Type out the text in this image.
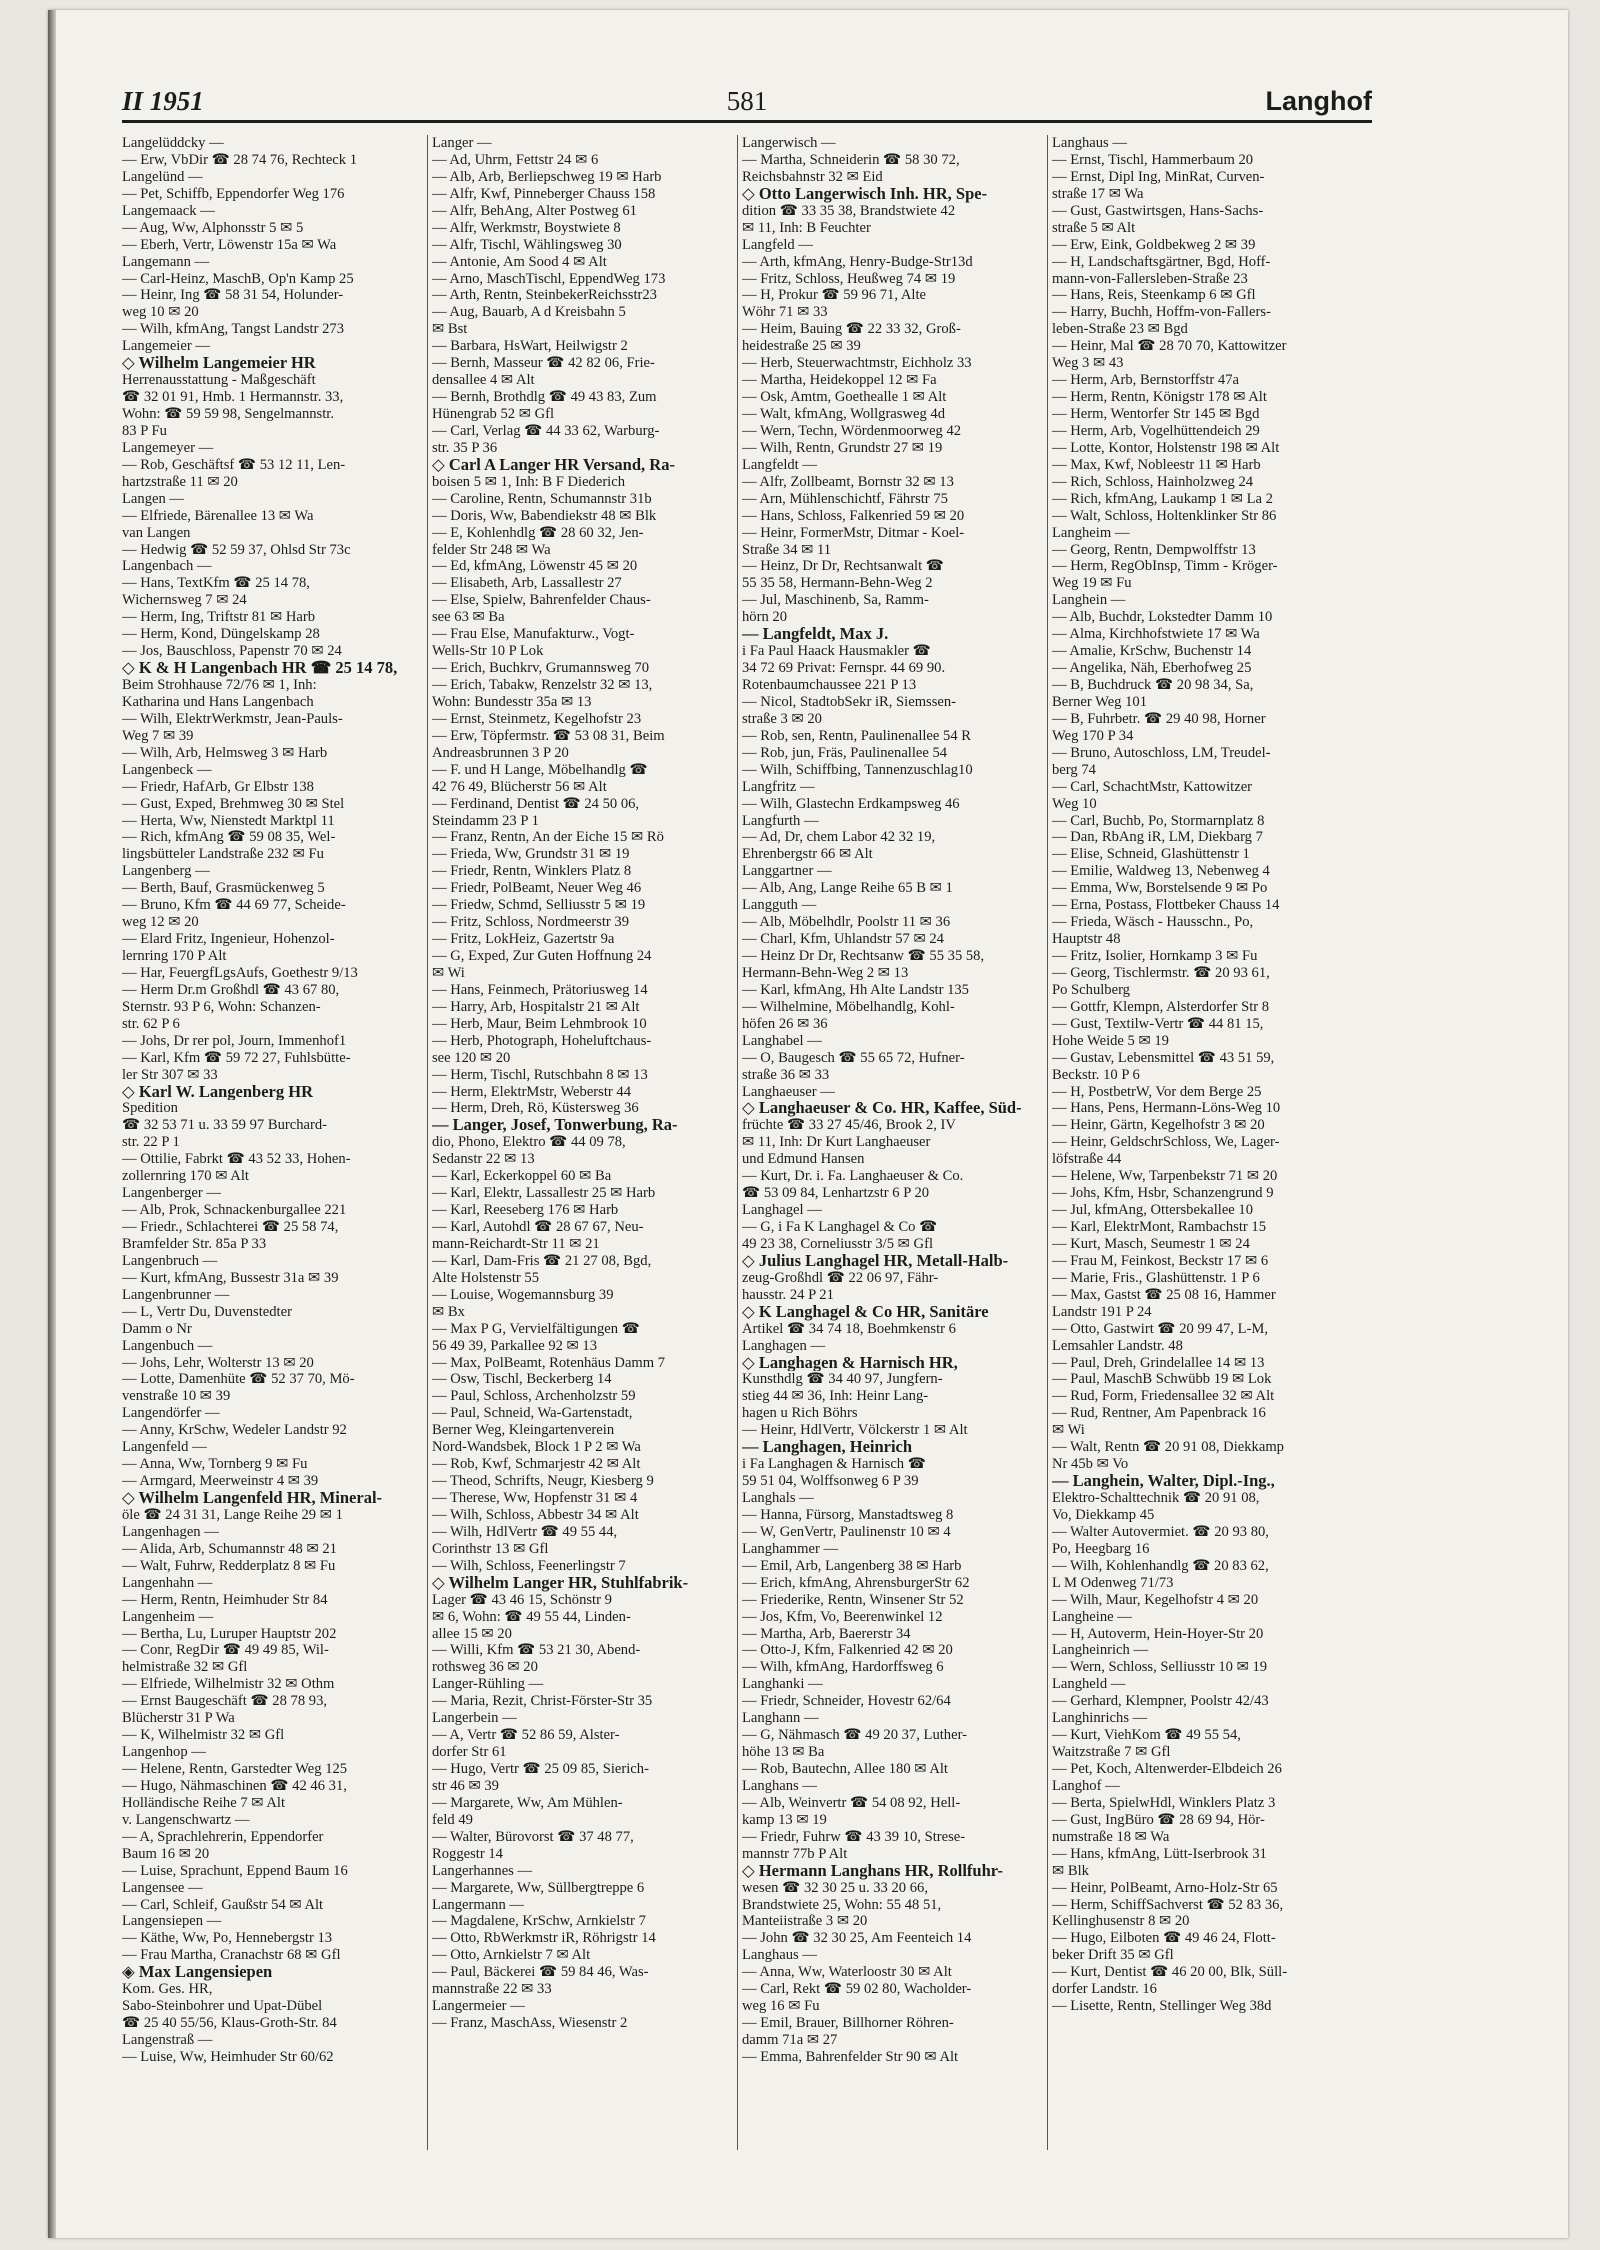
II 1951	581	Langhof
Langelüddcky —
— Erw, VbDir ☎ 28 74 76, Rechteck 1
Langelünd —
— Pet, Schiffb, Eppendorfer Weg 176
Langemaack —
— Aug, Ww, Alphonsstr 5 ✉ 5
— Eberh, Vertr, Löwenstr 15a ✉ Wa
Langemann —
— Carl-Heinz, MaschB, Op'n Kamp 25
— Heinr, Ing ☎ 58 31 54, Holunder-
weg 10 ✉ 20
— Wilh, kfmAng, Tangst Landstr 273
Langemeier —
◇ Wilhelm Langemeier HR
Herrenausstattung - Maßgeschäft
☎ 32 01 91, Hmb. 1 Hermannstr. 33,
Wohn: ☎ 59 59 98, Sengelmannstr.
83 P Fu
Langemeyer —
— Rob, Geschäftsf ☎ 53 12 11, Len-
hartzstraße 11 ✉ 20
Langen —
— Elfriede, Bärenallee 13 ✉ Wa
van Langen
— Hedwig ☎ 52 59 37, Ohlsd Str 73c
Langenbach —
— Hans, TextKfm ☎ 25 14 78,
Wichernsweg 7 ✉ 24
— Herm, Ing, Triftstr 81 ✉ Harb
— Herm, Kond, Düngelskamp 28
— Jos, Bauschloss, Papenstr 70 ✉ 24
◇ K & H Langenbach HR ☎ 25 14 78,
Beim Strohhause 72/76 ✉ 1, Inh:
Katharina und Hans Langenbach
— Wilh, ElektrWerkmstr, Jean-Pauls-
Weg 7 ✉ 39
— Wilh, Arb, Helmsweg 3 ✉ Harb
Langenbeck —
— Friedr, HafArb, Gr Elbstr 138
— Gust, Exped, Brehmweg 30 ✉ Stel
— Herta, Ww, Nienstedt Marktpl 11
— Rich, kfmAng ☎ 59 08 35, Wel-
lingsbütteler Landstraße 232 ✉ Fu
Langenberg —
— Berth, Bauf, Grasmückenweg 5
— Bruno, Kfm ☎ 44 69 77, Scheide-
weg 12 ✉ 20
— Elard Fritz, Ingenieur, Hohenzol-
lernring 170 P Alt
— Har, FeuergfLgsAufs, Goethestr 9/13
— Herm Dr.m Großhdl ☎ 43 67 80,
Sternstr. 93 P 6, Wohn: Schanzen-
str. 62 P 6
— Johs, Dr rer pol, Journ, Immenhof1
— Karl, Kfm ☎ 59 72 27, Fuhlsbütte-
ler Str 307 ✉ 33
◇ Karl W. Langenberg HR
Spedition
☎ 32 53 71 u. 33 59 97 Burchard-
str. 22 P 1
— Ottilie, Fabrkt ☎ 43 52 33, Hohen-
zollernring 170 ✉ Alt
Langenberger —
— Alb, Prok, Schnackenburgallee 221
— Friedr., Schlachterei ☎ 25 58 74,
Bramfelder Str. 85a P 33
Langenbruch —
— Kurt, kfmAng, Bussestr 31a ✉ 39
Langenbrunner —
— L, Vertr Du, Duvenstedter
Damm o Nr
Langenbuch —
— Johs, Lehr, Wolterstr 13 ✉ 20
— Lotte, Damenhüte ☎ 52 37 70, Mö-
venstraße 10 ✉ 39
Langendörfer —
— Anny, KrSchw, Wedeler Landstr 92
Langenfeld —
— Anna, Ww, Tornberg 9 ✉ Fu
— Armgard, Meerweinstr 4 ✉ 39
◇ Wilhelm Langenfeld HR, Mineral-
öle ☎ 24 31 31, Lange Reihe 29 ✉ 1
Langenhagen —
— Alida, Arb, Schumannstr 48 ✉ 21
— Walt, Fuhrw, Redderplatz 8 ✉ Fu
Langenhahn —
— Herm, Rentn, Heimhuder Str 84
Langenheim —
— Bertha, Lu, Luruper Hauptstr 202
— Conr, RegDir ☎ 49 49 85, Wil-
helmistraße 32 ✉ Gfl
— Elfriede, Wilhelmistr 32 ✉ Othm
— Ernst Baugeschäft ☎ 28 78 93,
Blücherstr 31 P Wa
— K, Wilhelmistr 32 ✉ Gfl
Langenhop —
— Helene, Rentn, Garstedter Weg 125
— Hugo, Nähmaschinen ☎ 42 46 31,
Holländische Reihe 7 ✉ Alt
v. Langenschwartz —
— A, Sprachlehrerin, Eppendorfer
Baum 16 ✉ 20
— Luise, Sprachunt, Eppend Baum 16
Langensee —
— Carl, Schleif, Gaußstr 54 ✉ Alt
Langensiepen —
— Käthe, Ww, Po, Hennebergstr 13
— Frau Martha, Cranachstr 68 ✉ Gfl
◈ Max Langensiepen
Kom. Ges. HR,
Sabo-Steinbohrer und Upat-Dübel
☎ 25 40 55/56, Klaus-Groth-Str. 84
Langenstraß —
— Luise, Ww, Heimhuder Str 60/62
Langer —
— Ad, Uhrm, Fettstr 24 ✉ 6
— Alb, Arb, Berliepschweg 19 ✉ Harb
— Alfr, Kwf, Pinneberger Chauss 158
— Alfr, BehAng, Alter Postweg 61
— Alfr, Werkmstr, Boystwiete 8
— Alfr, Tischl, Wählingsweg 30
— Antonie, Am Sood 4 ✉ Alt
— Arno, MaschTischl, EppendWeg 173
— Arth, Rentn, SteinbekerReichsstr23
— Aug, Bauarb, A d Kreisbahn 5
✉ Bst
— Barbara, HsWart, Heilwigstr 2
— Bernh, Masseur ☎ 42 82 06, Frie-
densallee 4 ✉ Alt
— Bernh, Brothdlg ☎ 49 43 83, Zum
Hünengrab 52 ✉ Gfl
— Carl, Verlag ☎ 44 33 62, Warburg-
str. 35 P 36
◇ Carl A Langer HR Versand, Ra-
boisen 5 ✉ 1, Inh: B F Diederich
— Caroline, Rentn, Schumannstr 31b
— Doris, Ww, Babendiekstr 48 ✉ Blk
— E, Kohlenhdlg ☎ 28 60 32, Jen-
felder Str 248 ✉ Wa
— Ed, kfmAng, Löwenstr 45 ✉ 20
— Elisabeth, Arb, Lassallestr 27
— Else, Spielw, Bahrenfelder Chaus-
see 63 ✉ Ba
— Frau Else, Manufakturw., Vogt-
Wells-Str 10 P Lok
— Erich, Buchkrv, Grumannsweg 70
— Erich, Tabakw, Renzelstr 32 ✉ 13,
Wohn: Bundesstr 35a ✉ 13
— Ernst, Steinmetz, Kegelhofstr 23
— Erw, Töpfermstr. ☎ 53 08 31, Beim
Andreasbrunnen 3 P 20
— F. und H Lange, Möbelhandlg ☎
42 76 49, Blücherstr 56 ✉ Alt
— Ferdinand, Dentist ☎ 24 50 06,
Steindamm 23 P 1
— Franz, Rentn, An der Eiche 15 ✉ Rö
— Frieda, Ww, Grundstr 31 ✉ 19
— Friedr, Rentn, Winklers Platz 8
— Friedr, PolBeamt, Neuer Weg 46
— Friedw, Schmd, Selliusstr 5 ✉ 19
— Fritz, Schloss, Nordmeerstr 39
— Fritz, LokHeiz, Gazertstr 9a
— G, Exped, Zur Guten Hoffnung 24
✉ Wi
— Hans, Feinmech, Prätoriusweg 14
— Harry, Arb, Hospitalstr 21 ✉ Alt
— Herb, Maur, Beim Lehmbrook 10
— Herb, Photograph, Hoheluftchaus-
see 120 ✉ 20
— Herm, Tischl, Rutschbahn 8 ✉ 13
— Herm, ElektrMstr, Weberstr 44
— Herm, Dreh, Rö, Küstersweg 36
— Langer, Josef, Tonwerbung, Ra-
dio, Phono, Elektro ☎ 44 09 78,
Sedanstr 22 ✉ 13
— Karl, Eckerkoppel 60 ✉ Ba
— Karl, Elektr, Lassallestr 25 ✉ Harb
— Karl, Reeseberg 176 ✉ Harb
— Karl, Autohdl ☎ 28 67 67, Neu-
mann-Reichardt-Str 11 ✉ 21
— Karl, Dam-Fris ☎ 21 27 08, Bgd,
Alte Holstenstr 55
— Louise, Wogemannsburg 39
✉ Bx
— Max P G, Vervielfältigungen ☎
56 49 39, Parkallee 92 ✉ 13
— Max, PolBeamt, Rotenhäus Damm 7
— Osw, Tischl, Beckerberg 14
— Paul, Schloss, Archenholzstr 59
— Paul, Schneid, Wa-Gartenstadt,
Berner Weg, Kleingartenverein
Nord-Wandsbek, Block 1 P 2 ✉ Wa
— Rob, Kwf, Schmarjestr 42 ✉ Alt
— Theod, Schrifts, Neugr, Kiesberg 9
— Therese, Ww, Hopfenstr 31 ✉ 4
— Wilh, Schloss, Abbestr 34 ✉ Alt
— Wilh, HdlVertr ☎ 49 55 44,
Corinthstr 13 ✉ Gfl
— Wilh, Schloss, Feenerlingstr 7
◇ Wilhelm Langer HR, Stuhlfabrik-
Lager ☎ 43 46 15, Schönstr 9
✉ 6, Wohn: ☎ 49 55 44, Linden-
allee 15 ✉ 20
— Willi, Kfm ☎ 53 21 30, Abend-
rothsweg 36 ✉ 20
Langer-Rühling —
— Maria, Rezit, Christ-Förster-Str 35
Langerbein —
— A, Vertr ☎ 52 86 59, Alster-
dorfer Str 61
— Hugo, Vertr ☎ 25 09 85, Sierich-
str 46 ✉ 39
— Margarete, Ww, Am Mühlen-
feld 49
— Walter, Bürovorst ☎ 37 48 77,
Roggestr 14
Langerhannes —
— Margarete, Ww, Süllbergtreppe 6
Langermann —
— Magdalene, KrSchw, Arnkielstr 7
— Otto, RbWerkmstr iR, Röhrigstr 14
— Otto, Arnkielstr 7 ✉ Alt
— Paul, Bäckerei ☎ 59 84 46, Was-
mannstraße 22 ✉ 33
Langermeier —
— Franz, MaschAss, Wiesenstr 2
Langerwisch —
— Martha, Schneiderin ☎ 58 30 72,
Reichsbahnstr 32 ✉ Eid
◇ Otto Langerwisch Inh. HR, Spe-
dition ☎ 33 35 38, Brandstwiete 42
✉ 11, Inh: B Feuchter
Langfeld —
— Arth, kfmAng, Henry-Budge-Str13d
— Fritz, Schloss, Heußweg 74 ✉ 19
— H, Prokur ☎ 59 96 71, Alte
Wöhr 71 ✉ 33
— Heim, Bauing ☎ 22 33 32, Groß-
heidestraße 25 ✉ 39
— Herb, Steuerwachtmstr, Eichholz 33
— Martha, Heidekoppel 12 ✉ Fa
— Osk, Amtm, Goethealle 1 ✉ Alt
— Walt, kfmAng, Wollgrasweg 4d
— Wern, Techn, Wördenmoorweg 42
— Wilh, Rentn, Grundstr 27 ✉ 19
Langfeldt —
— Alfr, Zollbeamt, Bornstr 32 ✉ 13
— Arn, Mühlenschichtf, Fährstr 75
— Hans, Schloss, Falkenried 59 ✉ 20
— Heinr, FormerMstr, Ditmar - Koel-
Straße 34 ✉ 11
— Heinz, Dr Dr, Rechtsanwalt ☎
55 35 58, Hermann-Behn-Weg 2
— Jul, Maschinenb, Sa, Ramm-
hörn 20
— Langfeldt, Max J.
i Fa Paul Haack Hausmakler ☎
34 72 69 Privat: Fernspr. 44 69 90.
Rotenbaumchaussee 221 P 13
— Nicol, StadtobSekr iR, Siemssen-
straße 3 ✉ 20
— Rob, sen, Rentn, Paulinenallee 54 R
— Rob, jun, Fräs, Paulinenallee 54
— Wilh, Schiffbing, Tannenzuschlag10
Langfritz —
— Wilh, Glastechn Erdkampsweg 46
Langfurth —
— Ad, Dr, chem Labor 42 32 19,
Ehrenbergstr 66 ✉ Alt
Langgartner —
— Alb, Ang, Lange Reihe 65 B ✉ 1
Langguth —
— Alb, Möbelhdlr, Poolstr 11 ✉ 36
— Charl, Kfm, Uhlandstr 57 ✉ 24
— Heinz Dr Dr, Rechtsanw ☎ 55 35 58,
Hermann-Behn-Weg 2 ✉ 13
— Karl, kfmAng, Hh Alte Landstr 135
— Wilhelmine, Möbelhandlg, Kohl-
höfen 26 ✉ 36
Langhabel —
— O, Baugesch ☎ 55 65 72, Hufner-
straße 36 ✉ 33
Langhaeuser —
◇ Langhaeuser & Co. HR, Kaffee, Süd-
früchte ☎ 33 27 45/46, Brook 2, IV
✉ 11, Inh: Dr Kurt Langhaeuser
und Edmund Hansen
— Kurt, Dr. i. Fa. Langhaeuser & Co.
☎ 53 09 84, Lenhartzstr 6 P 20
Langhagel —
— G, i Fa K Langhagel & Co ☎
49 23 38, Corneliusstr 3/5 ✉ Gfl
◇ Julius Langhagel HR, Metall-Halb-
zeug-Großhdl ☎ 22 06 97, Fähr-
hausstr. 24 P 21
◇ K Langhagel & Co HR, Sanitäre
Artikel ☎ 34 74 18, Boehmkenstr 6
Langhagen —
◇ Langhagen & Harnisch HR,
Kunsthdlg ☎ 34 40 97, Jungfern-
stieg 44 ✉ 36, Inh: Heinr Lang-
hagen u Rich Böhrs
— Heinr, HdlVertr, Völckerstr 1 ✉ Alt
— Langhagen, Heinrich
i Fa Langhagen & Harnisch ☎
59 51 04, Wolffsonweg 6 P 39
Langhals —
— Hanna, Fürsorg, Manstadtsweg 8
— W, GenVertr, Paulinenstr 10 ✉ 4
Langhammer —
— Emil, Arb, Langenberg 38 ✉ Harb
— Erich, kfmAng, AhrensburgerStr 62
— Friederike, Rentn, Winsener Str 52
— Jos, Kfm, Vo, Beerenwinkel 12
— Martha, Arb, Baererstr 34
— Otto-J, Kfm, Falkenried 42 ✉ 20
— Wilh, kfmAng, Hardorffsweg 6
Langhanki —
— Friedr, Schneider, Hovestr 62/64
Langhann —
— G, Nähmasch ☎ 49 20 37, Luther-
höhe 13 ✉ Ba
— Rob, Bautechn, Allee 180 ✉ Alt
Langhans —
— Alb, Weinvertr ☎ 54 08 92, Hell-
kamp 13 ✉ 19
— Friedr, Fuhrw ☎ 43 39 10, Strese-
mannstr 77b P Alt
◇ Hermann Langhans HR, Rollfuhr-
wesen ☎ 32 30 25 u. 33 20 66,
Brandstwiete 25, Wohn: 55 48 51,
Manteiistraße 3 ✉ 20
— John ☎ 32 30 25, Am Feenteich 14
Langhaus —
— Anna, Ww, Waterloostr 30 ✉ Alt
— Carl, Rekt ☎ 59 02 80, Wacholder-
weg 16 ✉ Fu
— Emil, Brauer, Billhorner Röhren-
damm 71a ✉ 27
— Emma, Bahrenfelder Str 90 ✉ Alt
Langhaus —
— Ernst, Tischl, Hammerbaum 20
— Ernst, Dipl Ing, MinRat, Curven-
straße 17 ✉ Wa
— Gust, Gastwirtsgen, Hans-Sachs-
straße 5 ✉ Alt
— Erw, Eink, Goldbekweg 2 ✉ 39
— H, Landschaftsgärtner, Bgd, Hoff-
mann-von-Fallersleben-Straße 23
— Hans, Reis, Steenkamp 6 ✉ Gfl
— Harry, Buchh, Hoffm-von-Fallers-
leben-Straße 23 ✉ Bgd
— Heinr, Mal ☎ 28 70 70, Kattowitzer
Weg 3 ✉ 43
— Herm, Arb, Bernstorffstr 47a
— Herm, Rentn, Königstr 178 ✉ Alt
— Herm, Wentorfer Str 145 ✉ Bgd
— Herm, Arb, Vogelhüttendeich 29
— Lotte, Kontor, Holstenstr 198 ✉ Alt
— Max, Kwf, Nobleestr 11 ✉ Harb
— Rich, Schloss, Hainholzweg 24
— Rich, kfmAng, Laukamp 1 ✉ La 2
— Walt, Schloss, Holtenklinker Str 86
Langheim —
— Georg, Rentn, Dempwolffstr 13
— Herm, RegObInsp, Timm - Kröger-
Weg 19 ✉ Fu
Langhein —
— Alb, Buchdr, Lokstedter Damm 10
— Alma, Kirchhofstwiete 17 ✉ Wa
— Amalie, KrSchw, Buchenstr 14
— Angelika, Näh, Eberhofweg 25
— B, Buchdruck ☎ 20 98 34, Sa,
Berner Weg 101
— B, Fuhrbetr. ☎ 29 40 98, Horner
Weg 170 P 34
— Bruno, Autoschloss, LM, Treudel-
berg 74
— Carl, SchachtMstr, Kattowitzer
Weg 10
— Carl, Buchb, Po, Stormarnplatz 8
— Dan, RbAng iR, LM, Diekbarg 7
— Elise, Schneid, Glashüttenstr 1
— Emilie, Waldweg 13, Nebenweg 4
— Emma, Ww, Borstelsende 9 ✉ Po
— Erna, Postass, Flottbeker Chauss 14
— Frieda, Wäsch - Hausschn., Po,
Hauptstr 48
— Fritz, Isolier, Hornkamp 3 ✉ Fu
— Georg, Tischlermstr. ☎ 20 93 61,
Po Schulberg
— Gottfr, Klempn, Alsterdorfer Str 8
— Gust, Textilw-Vertr ☎ 44 81 15,
Hohe Weide 5 ✉ 19
— Gustav, Lebensmittel ☎ 43 51 59,
Beckstr. 10 P 6
— H, PostbetrW, Vor dem Berge 25
— Hans, Pens, Hermann-Löns-Weg 10
— Heinr, Gärtn, Kegelhofstr 3 ✉ 20
— Heinr, GeldschrSchloss, We, Lager-
löfstraße 44
— Helene, Ww, Tarpenbekstr 71 ✉ 20
— Johs, Kfm, Hsbr, Schanzengrund 9
— Jul, kfmAng, Ottersbekallee 10
— Karl, ElektrMont, Rambachstr 15
— Kurt, Masch, Seumestr 1 ✉ 24
— Frau M, Feinkost, Beckstr 17 ✉ 6
— Marie, Fris., Glashüttenstr. 1 P 6
— Max, Gastst ☎ 25 08 16, Hammer
Landstr 191 P 24
— Otto, Gastwirt ☎ 20 99 47, L-M,
Lemsahler Landstr. 48
— Paul, Dreh, Grindelallee 14 ✉ 13
— Paul, MaschB Schwübb 19 ✉ Lok
— Rud, Form, Friedensallee 32 ✉ Alt
— Rud, Rentner, Am Papenbrack 16
✉ Wi
— Walt, Rentn ☎ 20 91 08, Diekkamp
Nr 45b ✉ Vo
— Langhein, Walter, Dipl.-Ing.,
Elektro-Schalttechnik ☎ 20 91 08,
Vo, Diekkamp 45
— Walter Autovermiet. ☎ 20 93 80,
Po, Heegbarg 16
— Wilh, Kohlenhandlg ☎ 20 83 62,
L M Odenweg 71/73
— Wilh, Maur, Kegelhofstr 4 ✉ 20
Langheine —
— H, Autoverm, Hein-Hoyer-Str 20
Langheinrich —
— Wern, Schloss, Selliusstr 10 ✉ 19
Langheld —
— Gerhard, Klempner, Poolstr 42/43
Langhinrichs —
— Kurt, ViehKom ☎ 49 55 54,
Waitzstraße 7 ✉ Gfl
— Pet, Koch, Altenwerder-Elbdeich 26
Langhof —
— Berta, SpielwHdl, Winklers Platz 3
— Gust, IngBüro ☎ 28 69 94, Hör-
numstraße 18 ✉ Wa
— Hans, kfmAng, Lütt-Iserbrook 31
✉ Blk
— Heinr, PolBeamt, Arno-Holz-Str 65
— Herm, SchiffSachverst ☎ 52 83 36,
Kellinghusenstr 8 ✉ 20
— Hugo, Eilboten ☎ 49 46 24, Flott-
beker Drift 35 ✉ Gfl
— Kurt, Dentist ☎ 46 20 00, Blk, Süll-
dorfer Landstr. 16
— Lisette, Rentn, Stellinger Weg 38d
